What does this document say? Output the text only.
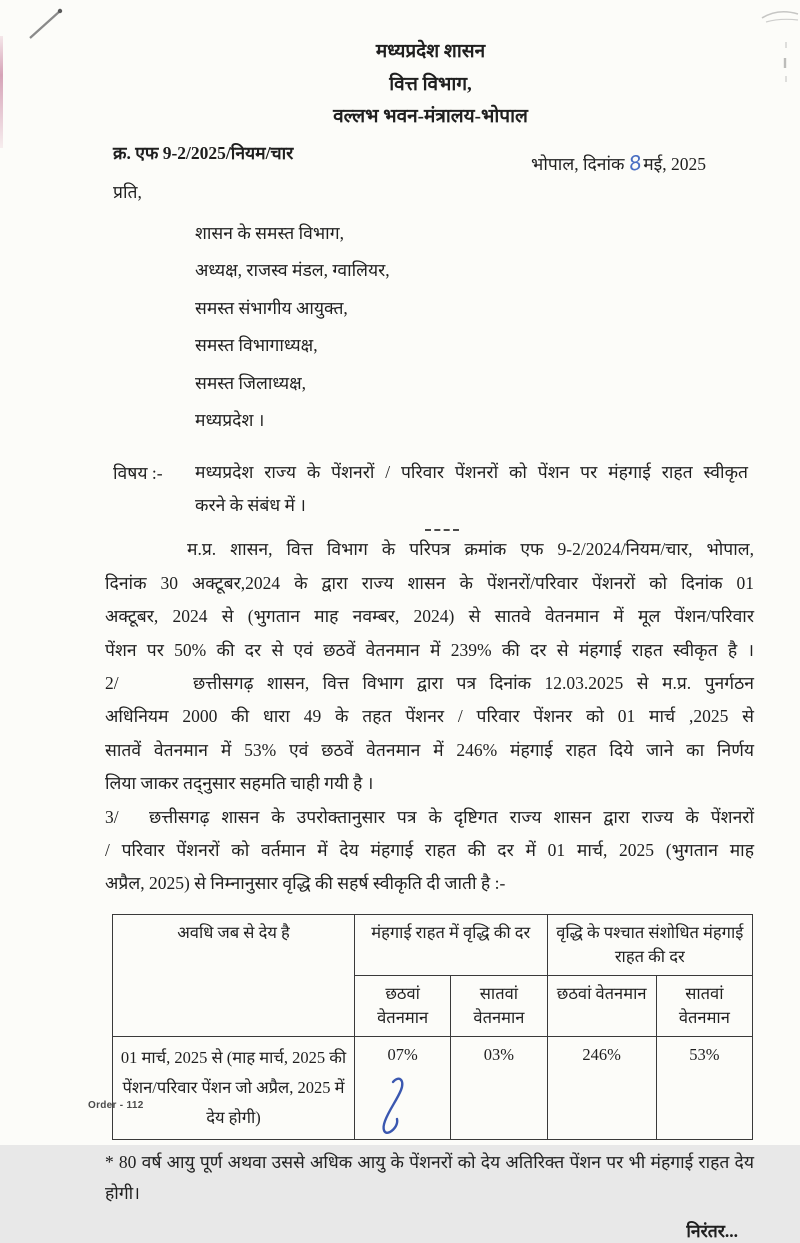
मध्यप्रदेश शासन
वित्त विभाग,
वल्लभ भवन-मंत्रालय-भोपाल
क्र. एफ 9-2/2025/नियम/चार
भोपाल, दिनांक 8मई, 2025
प्रति,
शासन के समस्त विभाग,
अध्यक्ष, राजस्व मंडल, ग्वालियर,
समस्त संभागीय आयुक्त,
समस्त विभागाध्यक्ष,
समस्त जिलाध्यक्ष,
मध्यप्रदेश ।
विषय :-	मध्यप्रदेश राज्य के पेंशनरों / परिवार पेंशनरों को पेंशन पर मंहगाई राहत स्वीकृत
करने के संबंध में ।
म.प्र. शासन, वित्त विभाग के परिपत्र क्रमांक एफ 9-2/2024/नियम/चार, भोपाल,
दिनांक 30 अक्टूबर,2024 के द्वारा राज्य शासन के पेंशनरों/परिवार पेंशनरों को दिनांक 01
अक्टूबर, 2024 से (भुगतान माह नवम्बर, 2024) से सातवे वेतनमान में मूल पेंशन/परिवार
पेंशन पर 50% की दर से एवं छठवें वेतनमान में 239% की दर से मंहगाई राहत स्वीकृत है ।
2/	छत्तीसगढ़ शासन, वित्त विभाग द्वारा पत्र दिनांक 12.03.2025 से म.प्र. पुनर्गठन
अधिनियम 2000 की धारा 49 के तहत पेंशनर / परिवार पेंशनर को 01 मार्च ,2025 से
सातवें वेतनमान में 53% एवं छठवें वेतनमान में 246% मंहगाई राहत दिये जाने का निर्णय
लिया जाकर तद्नुसार सहमति चाही गयी है ।
3/ छत्तीसगढ़ शासन के उपरोक्तानुसार पत्र के दृष्टिगत राज्य शासन द्वारा राज्य के पेंशनरों
/ परिवार पेंशनरों को वर्तमान में देय मंहगाई राहत की दर में 01 मार्च, 2025 (भुगतान माह
अप्रैल, 2025) से निम्नानुसार वृद्धि की सहर्ष स्वीकृति दी जाती है :-
अवधि जब से देय है	मंहगाई राहत में वृद्धि की दर		वृद्धि के पश्चात संशोधित मंहगाई राहत की दर	
	छठवां वेतनमान	सातवां वेतनमान	छठवां वेतनमान	सातवां वेतनमान
01 मार्च, 2025 से (माह मार्च, 2025 की पेंशन/परिवार पेंशन जो अप्रैल, 2025 में देय होगी)	07%	03%	246%	53%
* 80 वर्ष आयु पूर्ण अथवा उससे अधिक आयु के पेंशनरों को देय अतिरिक्त पेंशन पर भी मंहगाई राहत देय
होगी।
निरंतर...
Order - 112
